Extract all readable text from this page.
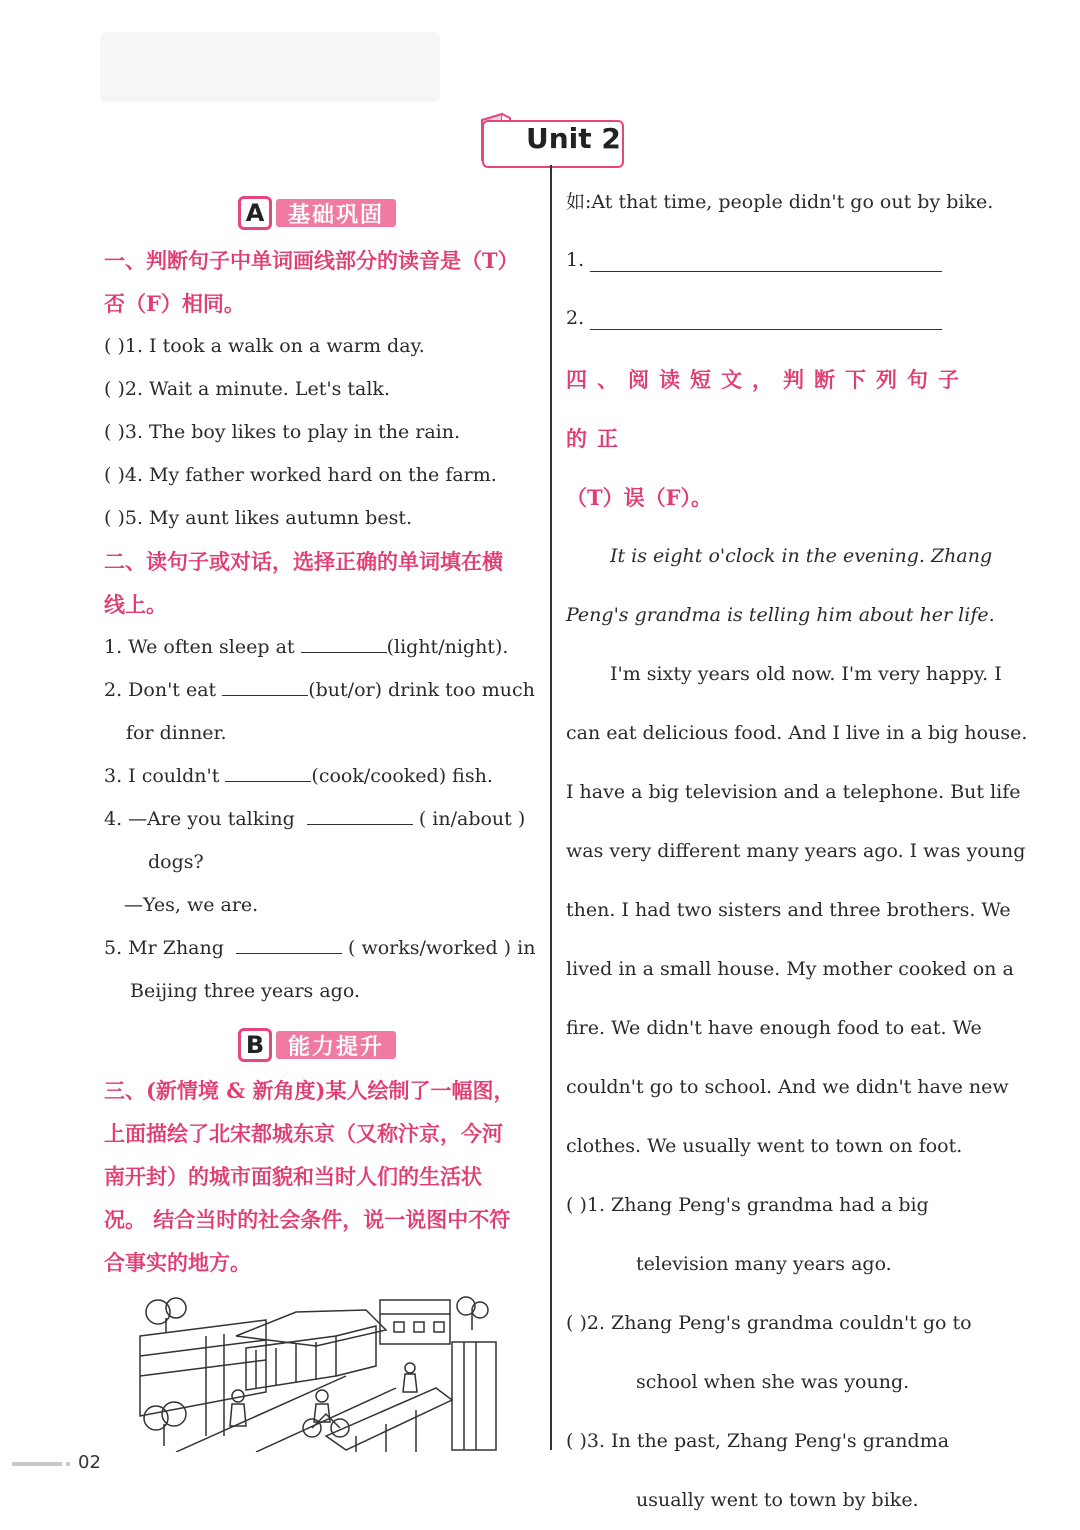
Unit 2
A	基础巩固
一、判断句子中单词画线部分的读音是（T）
否（F）相同。
( )1. I took a walk on a warm day.
( )2. Wait a minute. Let's talk.
( )3. The boy likes to play in the rain.
( )4. My father worked hard on the farm.
( )5. My aunt likes autumn best.
二、读句子或对话，选择正确的单词填在横
线上。
1. We often sleep at	(light/night).
2. Don't eat	(but/or) drink too much
for dinner.
3. I couldn't	(cook/cooked) fish.
4. —Are you talking	( in/about )
dogs?
—Yes, we are.
5. Mr Zhang	( works/worked ) in
Beijing three years ago.
B	能力提升
三、(新情境 & 新角度)某人绘制了一幅图，
上面描绘了北宋都城东京（又称汴京，今河
南开封）的城市面貌和当时人们的生活状
况。 结合当时的社会条件，说一说图中不符
合事实的地方。
如:At that time, people didn't go out by bike.
1.
2.
四、阅读短文，判断下列句子的正
（T）误（F）。
It is eight o'clock in the evening. Zhang
Peng's grandma is telling him about her life.
I'm sixty years old now. I'm very happy. I
can eat delicious food. And I live in a big house.
I have a big television and a telephone. But life
was very different many years ago. I was young
then. I had two sisters and three brothers. We
lived in a small house. My mother cooked on a
fire. We didn't have enough food to eat. We
couldn't go to school. And we didn't have new
clothes. We usually went to town on foot.
( )1. Zhang Peng's grandma had a big
television many years ago.
( )2. Zhang Peng's grandma couldn't go to
school when she was young.
( )3. In the past, Zhang Peng's grandma
usually went to town by bike.
02
